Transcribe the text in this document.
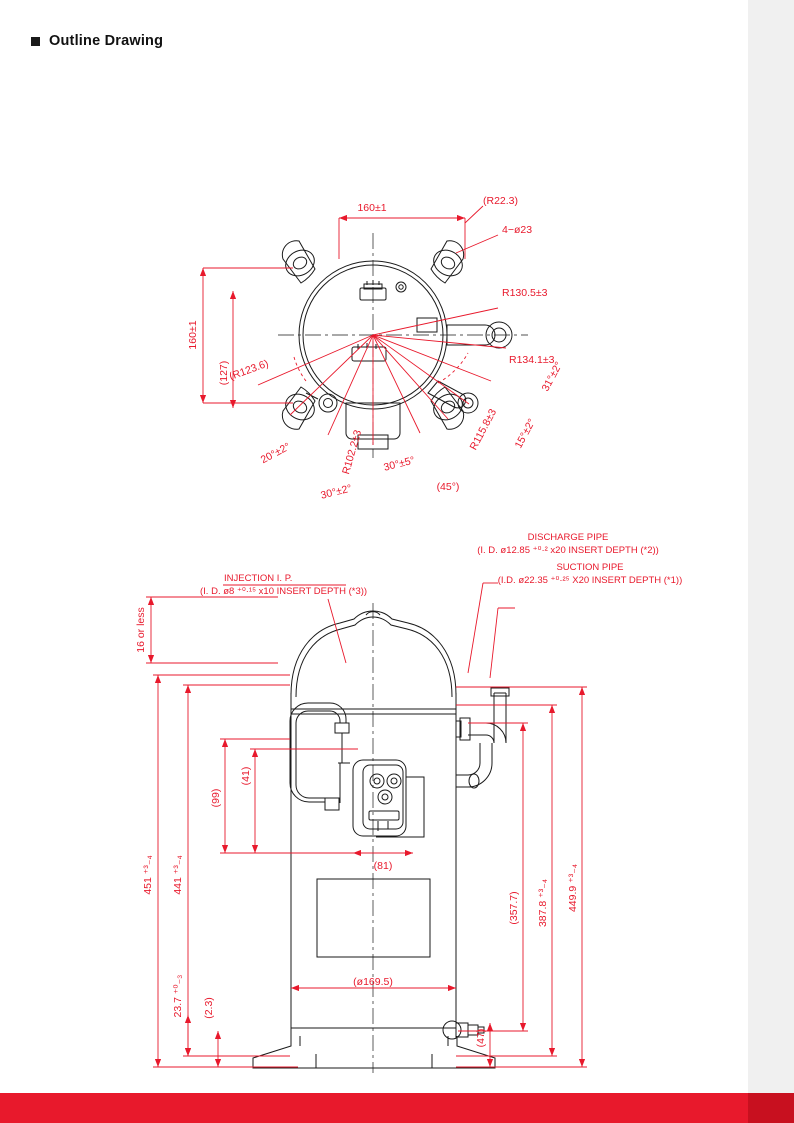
Outline Drawing
160±1
160±1
(127)
(R22.3)
4−ø23
R130.5±3
R134.1±3
31°±2°
15°±2°
R115.8±3
(45°)
30°±5°
30°±2°
R102.2±3
20°±2°
(R123.6)
16 or less
451 ⁺³₋₄ 441 ⁺³₋₄
23.7 ⁺⁰₋₃ (2.3)
(99)
(41)
(81)
(ø169.5)
(357.7) 387.8 ⁺³₋₄ 449.9 ⁺³₋₄
(47)
INJECTION I. P.
(I. D. ø8 ⁺⁰·¹⁵ x10 INSERT DEPTH (*3))
DISCHARGE PIPE
(I. D. ø12.85 ⁺⁰·² x20 INSERT DEPTH (*2))
SUCTION PIPE
(I.D. ø22.35 ⁺⁰·²⁵ X20 INSERT DEPTH (*1))
